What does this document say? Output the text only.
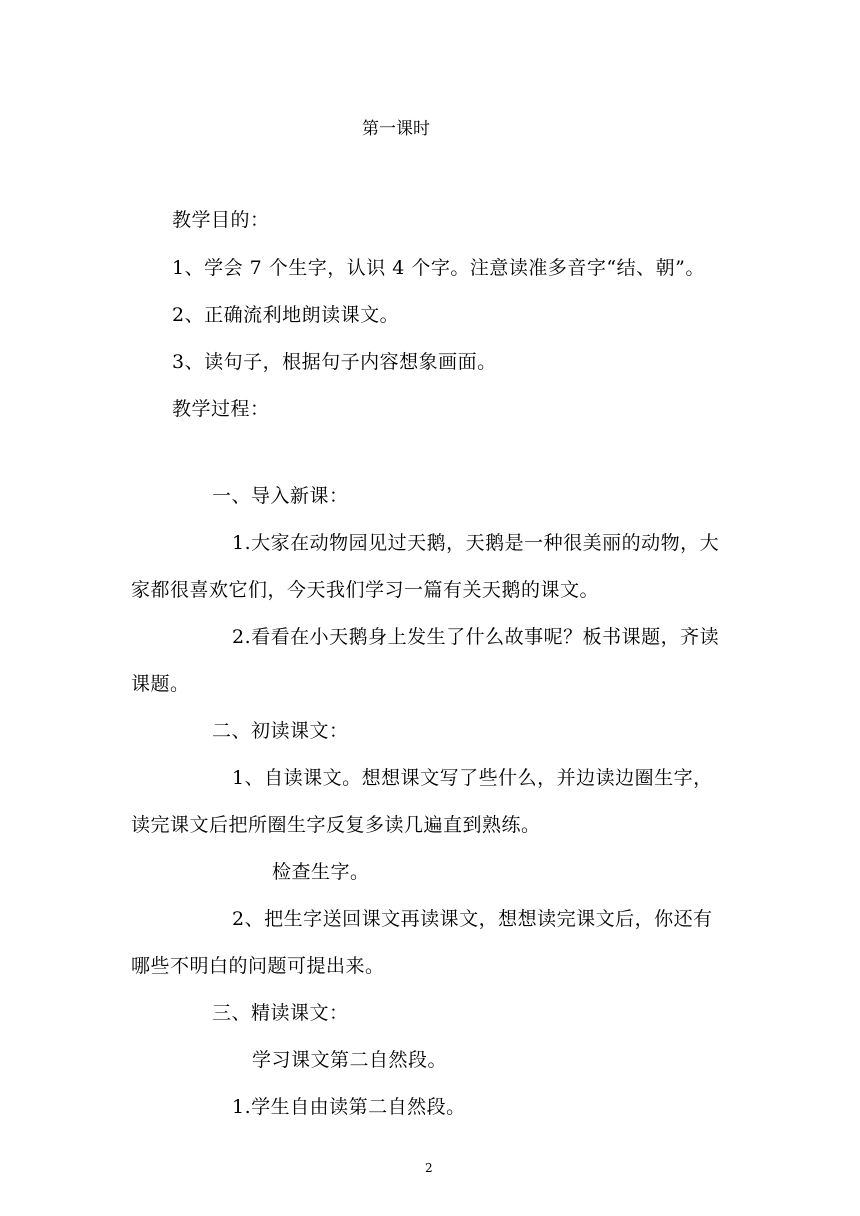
第一课时
教学目的：
1、学会 7 个生字，认识 4 个字。注意读准多音字“结、朝”。
2、正确流利地朗读课文。
3、读句子，根据句子内容想象画面。
教学过程：
一、导入新课：
1.大家在动物园见过天鹅，天鹅是一种很美丽的动物，大
家都很喜欢它们，今天我们学习一篇有关天鹅的课文。
2.看看在小天鹅身上发生了什么故事呢？板书课题，齐读
课题。
二、初读课文：
1、自读课文。想想课文写了些什么，并边读边圈生字，
读完课文后把所圈生字反复多读几遍直到熟练。
检查生字。
2、把生字送回课文再读课文，想想读完课文后，你还有
哪些不明白的问题可提出来。
三、精读课文：
学习课文第二自然段。
1.学生自由读第二自然段。
2
